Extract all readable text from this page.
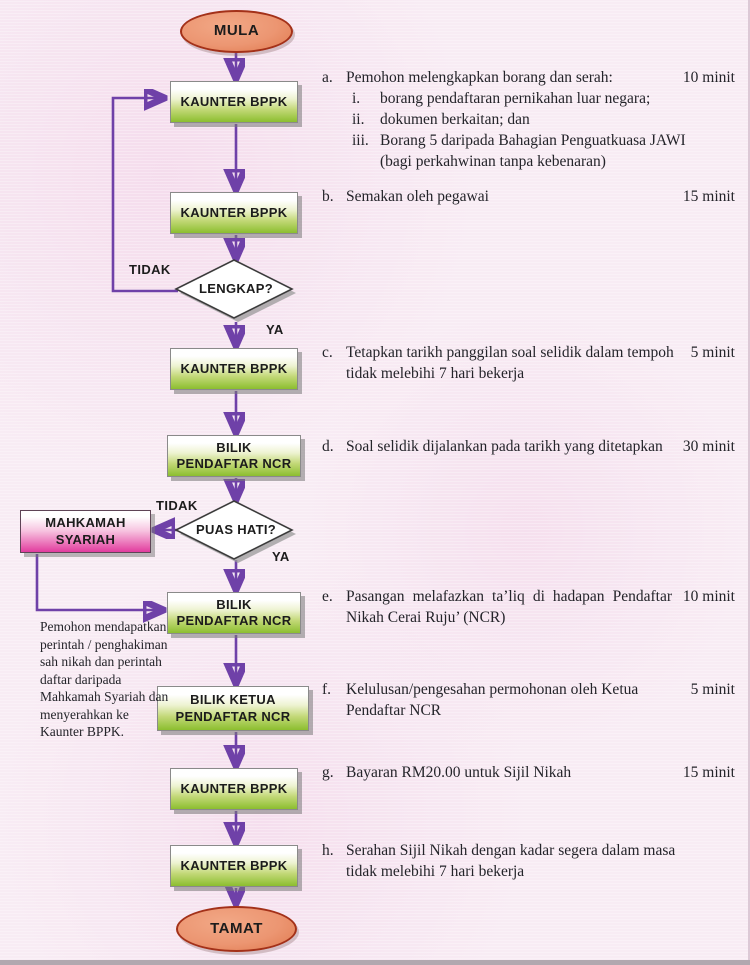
MULA
TAMAT
KAUNTER BPPK
KAUNTER BPPK
KAUNTER BPPK
BILIK PENDAFTAR NCR
MAHKAMAH SYARIAH
BILIK PENDAFTAR NCR
BILIK KETUA PENDAFTAR NCR
KAUNTER BPPK
KAUNTER BPPK
LENGKAP?
PUAS HATI?
TIDAK
YA
TIDAK
YA
Pemohon mendapatkan perintah / penghakiman sah nikah dan perintah daftar daripada Mahkamah Syariah dan menyerahkan ke Kaunter BPPK.
a. Pemohon melengkapkan borang dan serah:	10 minit
i.	borang pendaftaran pernikahan luar negara;
ii.	dokumen berkaitan; dan
iii. Borang 5 daripada Bahagian Penguatkuasa JAWI
(bagi perkahwinan tanpa kebenaran)
b. Semakan oleh pegawai	15 minit
c. Tetapkan tarikh panggilan soal selidik dalam tempoh tidak melebihi 7 hari bekerja
5 minit
d. Soal selidik dijalankan pada tarikh yang ditetapkan	30 minit
e. Pasangan melafazkan ta’liq di hadapan Pendaftar Nikah Cerai Ruju’ (NCR)
10 minit
f. Kelulusan/pengesahan permohonan oleh Ketua Pendaftar NCR
5 minit
g. Bayaran RM20.00 untuk Sijil Nikah	15 minit
h. Serahan Sijil Nikah dengan kadar segera dalam masa tidak melebihi 7 hari bekerja
